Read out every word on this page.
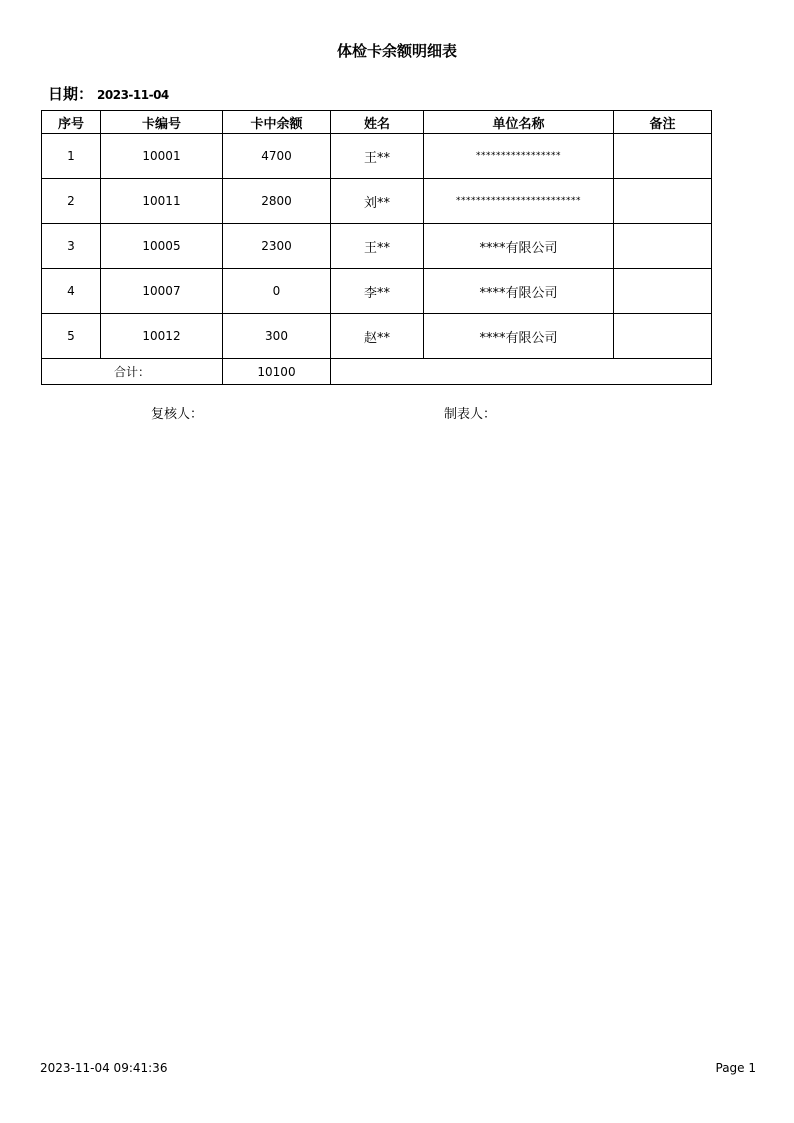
体检卡余额明细表
日期： 2023-11-04
序号	卡编号	卡中余额	姓名	单位名称	备注
1	10001	4700	王**	*****************	
2	10011	2800	刘**	*************************	
3	10005	2300	王**	****有限公司	
4	10007	0	李**	****有限公司	
5	10012	300	赵**	****有限公司	
合计：		10100			
复核人：	制表人：
2023-11-04 09:41:36	Page 1
